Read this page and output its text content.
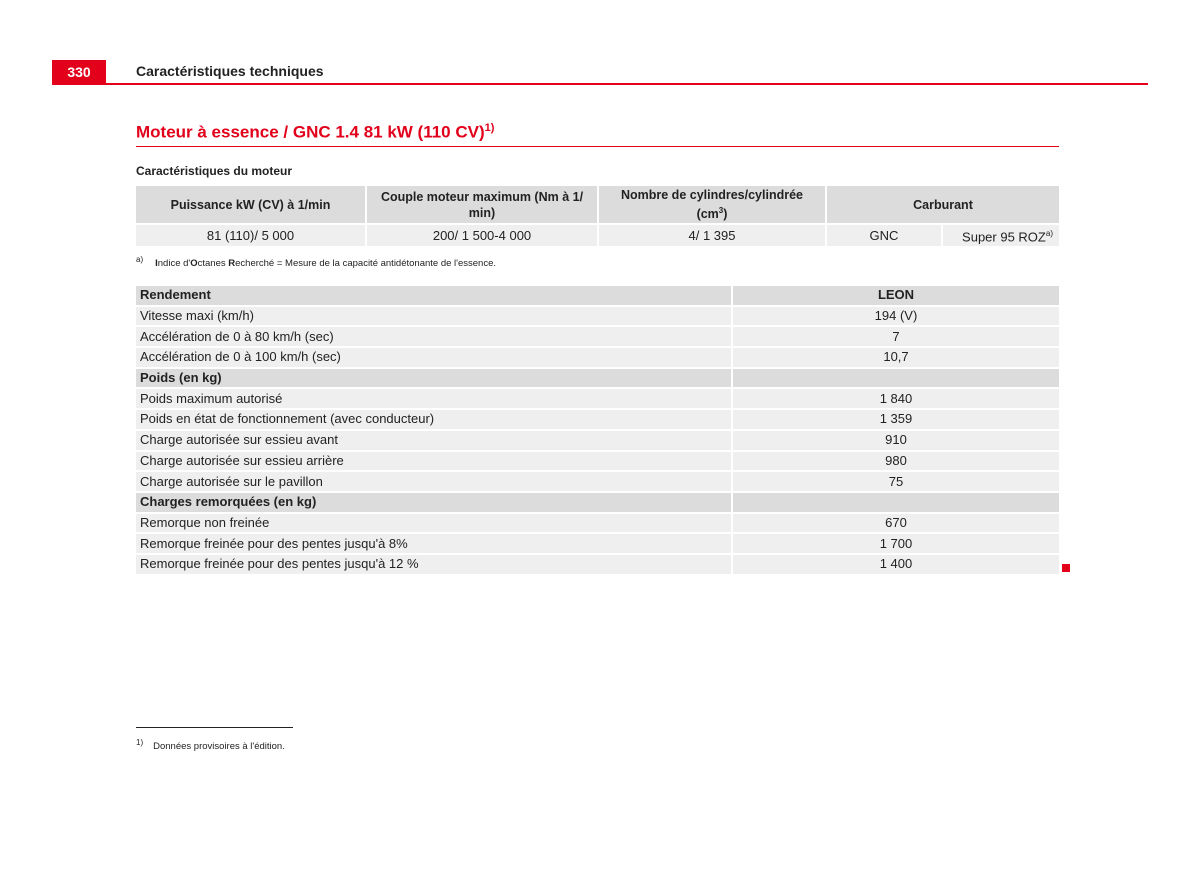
330	Caractéristiques techniques
Moteur à essence / GNC 1.4 81 kW (110 CV)$^{1)}$
Caractéristiques du moteur
Puissance kW (CV) à 1/min	Couple moteur maximum (Nm à 1/ min)	Nombre de cylindres/cylindrée $(cm^3)$	Carburant	
81 (110)/ 5 000	200/ 1 500-4 000	4/ 1 395	GNC	Super 95 ROZ$^{a)}$
$^{a)}$ Indice d'Octanes Recherché = Mesure de la capacité antidétonante de l'essence.
Rendement	LEON
Vitesse maxi (km/h)	194 (V)
Accélération de 0 à 80 km/h (sec)	7
Accélération de 0 à 100 km/h (sec)	10,7
Poids (en kg)	
Poids maximum autorisé	1 840
Poids en état de fonctionnement (avec conducteur)	1 359
Charge autorisée sur essieu avant	910
Charge autorisée sur essieu arrière	980
Charge autorisée sur le pavillon	75
Charges remorquées (en kg)	
Remorque non freinée	670
Remorque freinée pour des pentes jusqu'à 8%	1 700
Remorque freinée pour des pentes jusqu'à 12 %	1 400
$^{1)}$ Données provisoires à l'édition.
